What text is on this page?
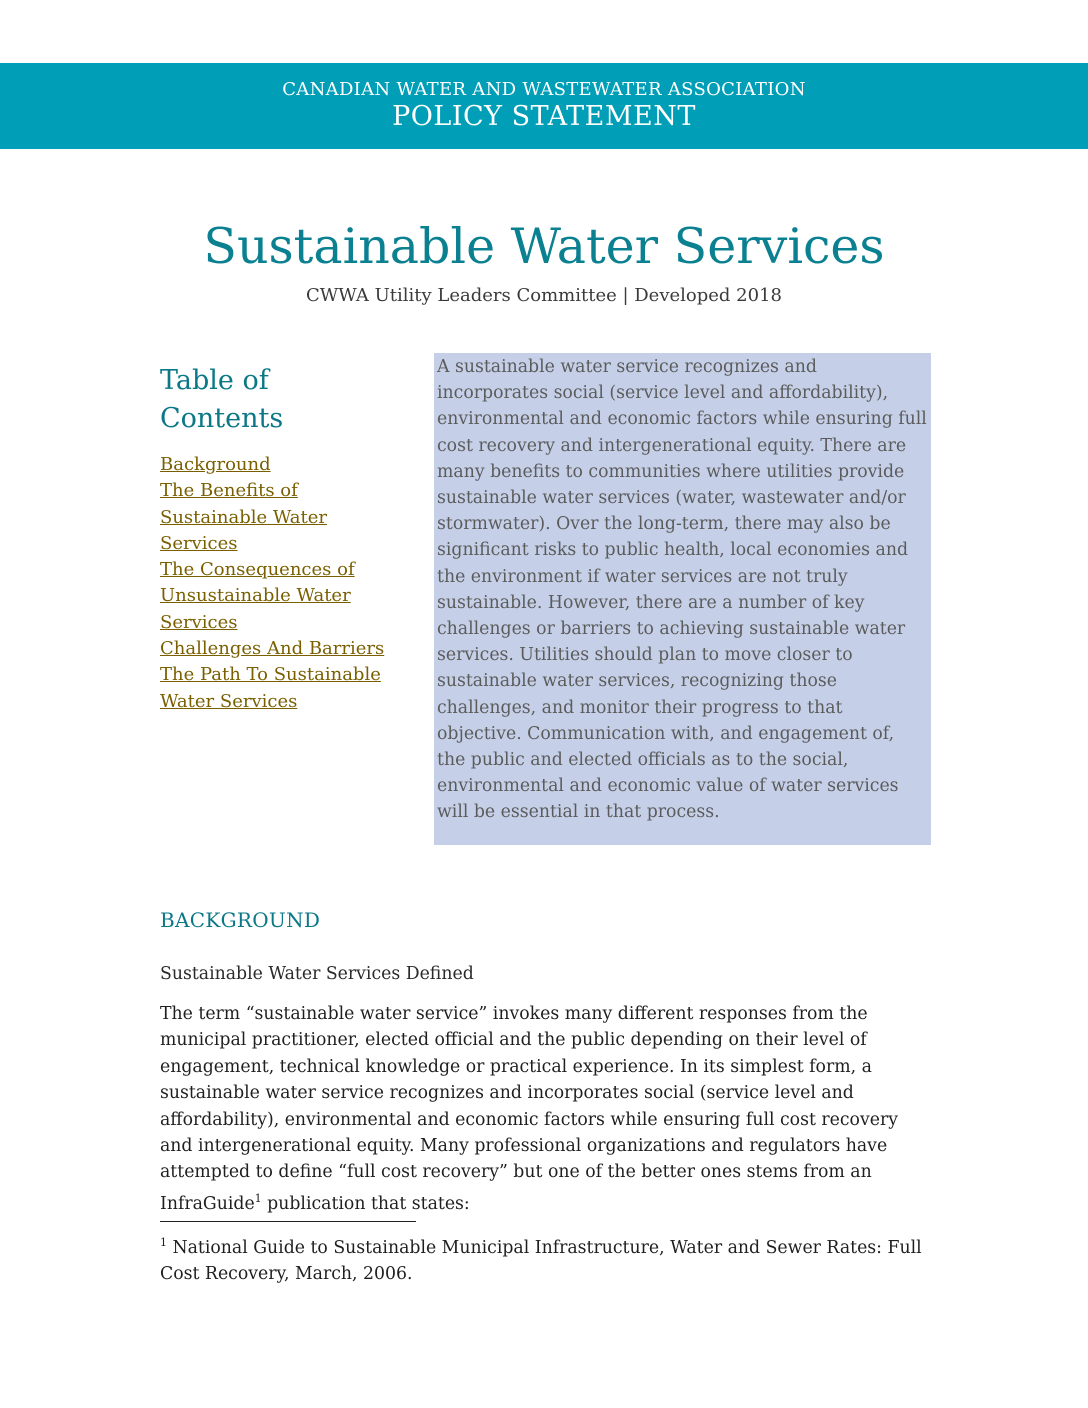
CANADIAN WATER AND WASTEWATER ASSOCIATION
POLICY STATEMENT
Sustainable Water Services
CWWA Utility Leaders Committee | Developed 2018
Table of
Contents
Background
The Benefits of
Sustainable Water
Services
The Consequences of
Unsustainable Water
Services
Challenges And Barriers
The Path To Sustainable
Water Services

A sustainable water service recognizes and incorporates social (service level and affordability), environmental and economic factors while ensuring full cost recovery and intergenerational equity. There are many benefits to communities where utilities provide sustainable water services (water, wastewater and/or stormwater). Over the long-term, there may also be significant risks to public health, local economies and the environment if water services are not truly sustainable. However, there are a number of key challenges or barriers to achieving sustainable water services. Utilities should plan to move closer to sustainable water services, recognizing those challenges, and monitor their progress to that objective. Communication with, and engagement of, the public and elected officials as to the social, environmental and economic value of water services will be essential in that process.

BACKGROUND
Sustainable Water Services Defined

The term “sustainable water service” invokes many different responses from the municipal practitioner, elected official and the public depending on their level of engagement, technical knowledge or practical experience. In its simplest form, a sustainable water service recognizes and incorporates social (service level and affordability), environmental and economic factors while ensuring full cost recovery and intergenerational equity. Many professional organizations and regulators have attempted to define “full cost recovery” but one of the better ones stems from an InfraGuide$^1$ publication that states:

$^1$ National Guide to Sustainable Municipal Infrastructure, Water and Sewer Rates: Full Cost Recovery, March, 2006.
